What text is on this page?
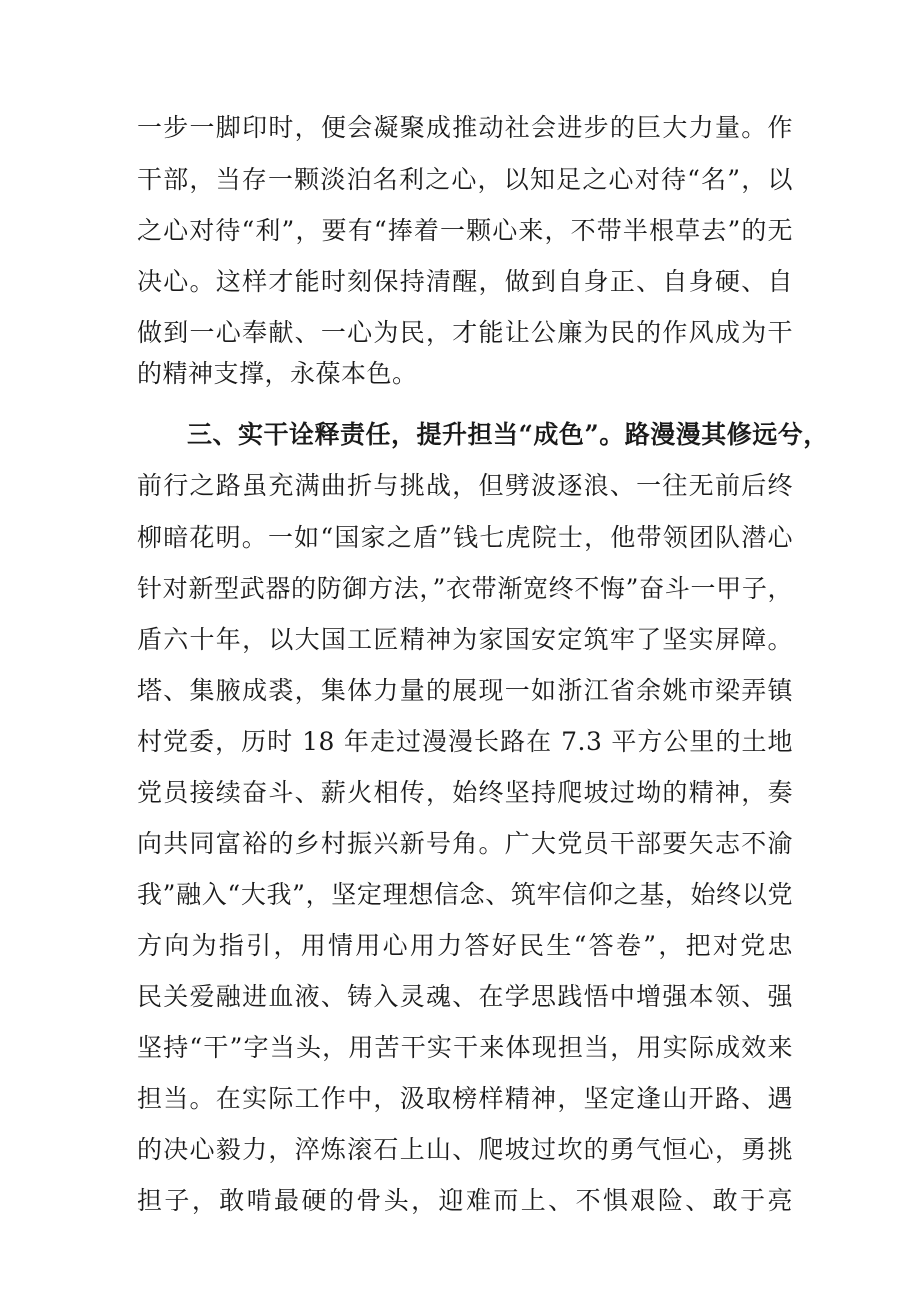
一步一脚印时，便会凝聚成推动社会进步的巨大力量。作
干部，当存一颗淡泊名利之心，以知足之心对待“名”，以
之心对待“利”，要有“捧着一颗心来，不带半根草去”的无
决心。这样才能时刻保持清醒，做到自身正、自身硬、自
做到一心奉献、一心为民，才能让公廉为民的作风成为干
的精神支撑，永葆本色。
三、实干诠释责任，提升担当“成色”。 路漫漫其修远兮，
前行之路虽充满曲折与挑战，但劈波逐浪、一往无前后终
柳暗花明。一如“国家之盾”钱七虎院士，他带领团队潜心
针对新型武器的防御方法，”衣带渐宽终不悔”奋斗一甲子，
盾六十年，以大国工匠精神为家国安定筑牢了坚实屏障。
塔、集腋成裘，集体力量的展现一如浙江省余姚市梁弄镇
村党委，历时 18 年走过漫漫长路在 7.3 平方公里的土地
党员接续奋斗、薪火相传，始终坚持爬坡过坳的精神，奏
向共同富裕的乡村振兴新号角。广大党员干部要矢志不渝
我”融入“大我”，坚定理想信念、筑牢信仰之基，始终以党
方向为指引，用情用心用力答好民生“答卷”，把对党忠
民关爱融进血液、铸入灵魂、在学思践悟中增强本领、强
坚持“干”字当头，用苦干实干来体现担当，用实际成效来
担当。在实际工作中，汲取榜样精神，坚定逢山开路、遇
的决心毅力，淬炼滚石上山、爬坡过坎的勇气恒心，勇挑
担子，敢啃最硬的骨头，迎难而上、不惧艰险、敢于亮
